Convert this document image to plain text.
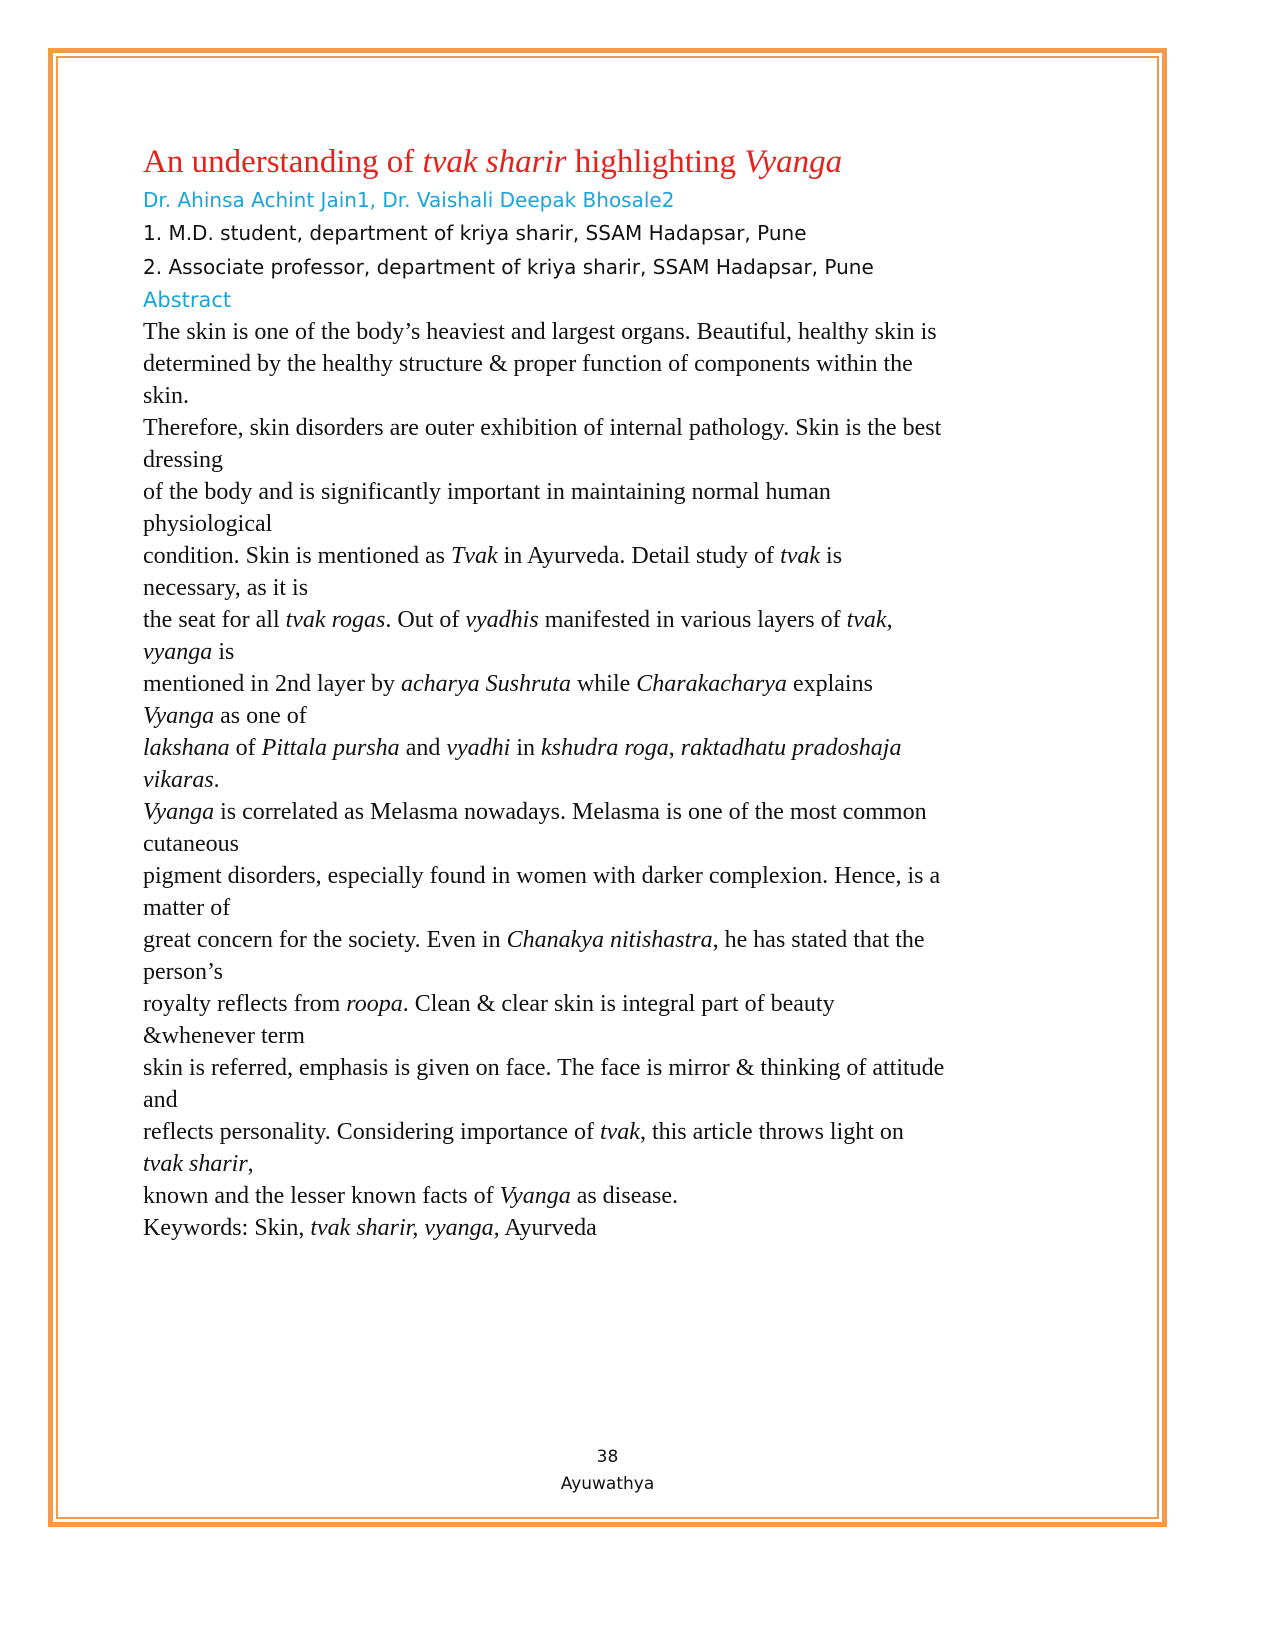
An understanding of tvak sharir highlighting Vyanga
Dr. Ahinsa Achint Jain1, Dr. Vaishali Deepak Bhosale2
1. M.D. student, department of kriya sharir, SSAM Hadapsar, Pune
2. Associate professor, department of kriya sharir, SSAM Hadapsar, Pune
Abstract
The skin is one of the body’s heaviest and largest organs. Beautiful, healthy skin is
determined by the healthy structure & proper function of components within the
skin.
Therefore, skin disorders are outer exhibition of internal pathology. Skin is the best
dressing
of the body and is significantly important in maintaining normal human
physiological
condition. Skin is mentioned as Tvak in Ayurveda. Detail study of tvak is
necessary, as it is
the seat for all tvak rogas. Out of vyadhis manifested in various layers of tvak,
vyanga is
mentioned in 2nd layer by acharya Sushruta while Charakacharya explains
Vyanga as one of
lakshana of Pittala pursha and vyadhi in kshudra roga, raktadhatu pradoshaja
vikaras.
Vyanga is correlated as Melasma nowadays. Melasma is one of the most common
cutaneous
pigment disorders, especially found in women with darker complexion. Hence, is a
matter of
great concern for the society. Even in Chanakya nitishastra, he has stated that the
person’s
royalty reflects from roopa. Clean & clear skin is integral part of beauty
&whenever term
skin is referred, emphasis is given on face. The face is mirror & thinking of attitude
and
reflects personality. Considering importance of tvak, this article throws light on
tvak sharir,
known and the lesser known facts of Vyanga as disease.
Keywords: Skin, tvak sharir, vyanga, Ayurveda
38
Ayuwathya
